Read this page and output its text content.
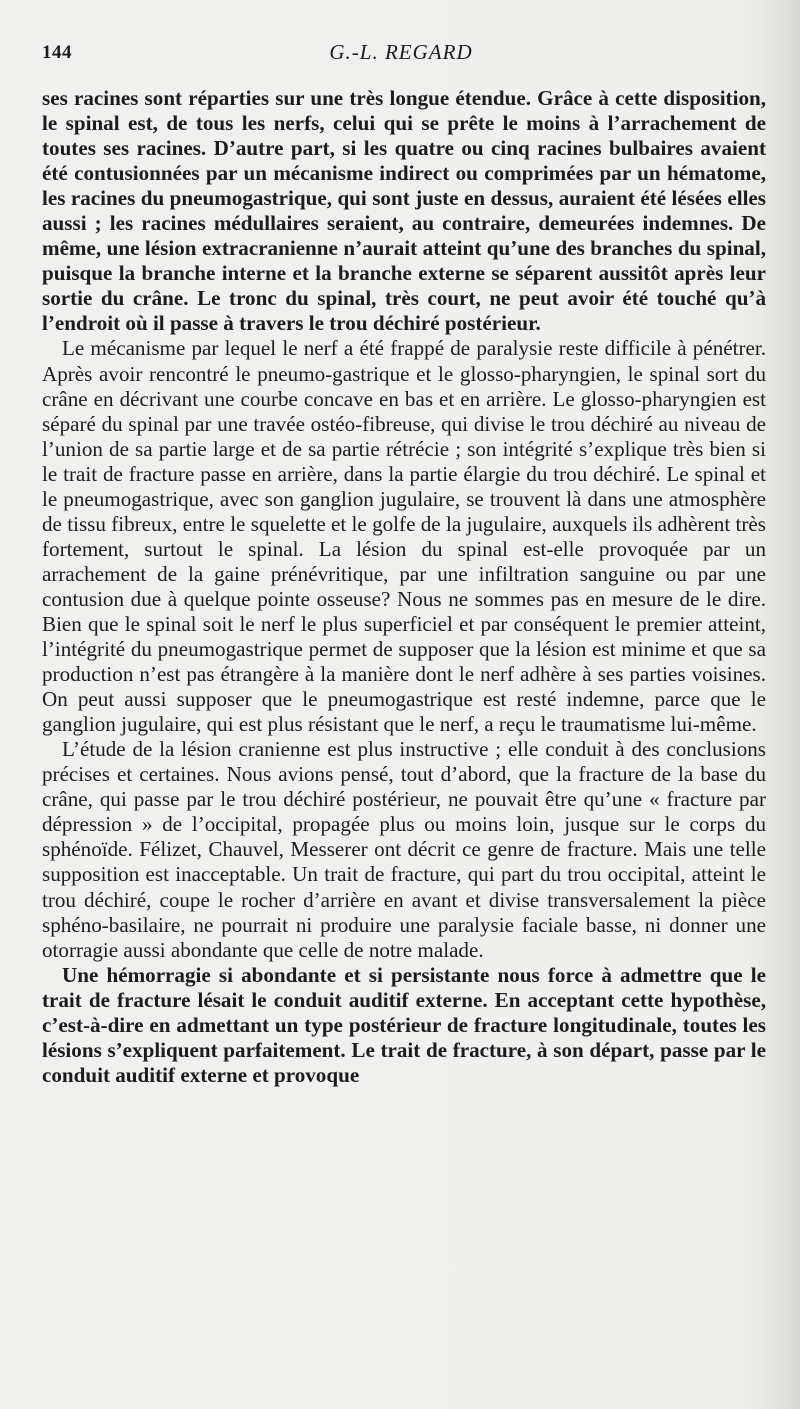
144	G.-L. REGARD

ses racines sont réparties sur une très longue étendue. Grâce à cette disposition, le spinal est, de tous les nerfs, celui qui se prête le moins à l’arrachement de toutes ses racines. D’autre part, si les quatre ou cinq racines bulbaires avaient été contusionnées par un mécanisme indirect ou comprimées par un hématome, les racines du pneumogastrique, qui sont juste en dessus, auraient été lésées elles aussi ; les racines médullaires seraient, au contraire, demeurées indemnes. De même, une lésion extracranienne n’aurait atteint qu’une des branches du spinal, puisque la branche interne et la branche externe se séparent aussitôt après leur sortie du crâne. Le tronc du spinal, très court, ne peut avoir été touché qu’à l’endroit où il passe à travers le trou déchiré postérieur.

Le mécanisme par lequel le nerf a été frappé de paralysie reste difficile à pénétrer. Après avoir rencontré le pneumo-gastrique et le glosso-pharyngien, le spinal sort du crâne en décrivant une courbe concave en bas et en arrière. Le glosso-pharyngien est séparé du spinal par une travée ostéo-fibreuse, qui divise le trou déchiré au niveau de l’union de sa partie large et de sa partie rétrécie ; son intégrité s’explique très bien si le trait de fracture passe en arrière, dans la partie élargie du trou déchiré. Le spinal et le pneumogastrique, avec son ganglion jugulaire, se trouvent là dans une atmosphère de tissu fibreux, entre le squelette et le golfe de la jugulaire, auxquels ils adhèrent très fortement, surtout le spinal. La lésion du spinal est-elle provoquée par un arrachement de la gaine prénévritique, par une infiltration sanguine ou par une contusion due à quelque pointe osseuse? Nous ne sommes pas en mesure de le dire. Bien que le spinal soit le nerf le plus superficiel et par conséquent le premier atteint, l’intégrité du pneumogastrique permet de supposer que la lésion est minime et que sa production n’est pas étrangère à la manière dont le nerf adhère à ses parties voisines. On peut aussi supposer que le pneumogastrique est resté indemne, parce que le ganglion jugulaire, qui est plus résistant que le nerf, a reçu le traumatisme lui-même.

L’étude de la lésion cranienne est plus instructive ; elle conduit à des conclusions précises et certaines. Nous avions pensé, tout d’abord, que la fracture de la base du crâne, qui passe par le trou déchiré postérieur, ne pouvait être qu’une « fracture par dépression » de l’occipital, propagée plus ou moins loin, jusque sur le corps du sphénoïde. Félizet, Chauvel, Messerer ont décrit ce genre de fracture. Mais une telle supposition est inacceptable. Un trait de fracture, qui part du trou occipital, atteint le trou déchiré, coupe le rocher d’arrière en avant et divise transversalement la pièce sphéno-basilaire, ne pourrait ni produire une paralysie faciale basse, ni donner une otorragie aussi abondante que celle de notre malade.

Une hémorragie si abondante et si persistante nous force à admettre que le trait de fracture lésait le conduit auditif externe. En acceptant cette hypothèse, c’est-à-dire en admettant un type postérieur de fracture longitudinale, toutes les lésions s’expliquent parfaitement. Le trait de fracture, à son départ, passe par le conduit auditif externe et provoque
